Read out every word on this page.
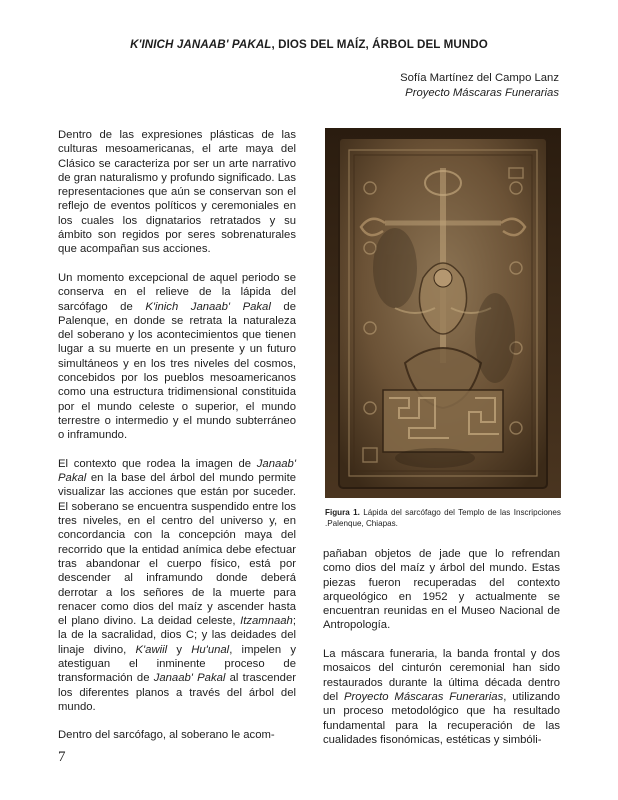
K'INICH JANAAB' PAKAL, DIOS DEL MAÍZ, ÁRBOL DEL MUNDO
Sofía Martínez del Campo Lanz
Proyecto Máscaras Funerarias

Dentro de las expresiones plásticas de las culturas mesoamericanas, el arte maya del Clásico se caracteriza por ser un arte narrativo de gran naturalismo y profundo significado. Las representaciones que aún se conservan son el reflejo de eventos políticos y ceremoniales en los cuales los dignatarios retratados y su ámbito son regidos por seres sobrenaturales que acompañan sus acciones.

Un momento excepcional de aquel periodo se conserva en el relieve de la lápida del sarcófago de K'inich Janaab' Pakal de Palenque, en donde se retrata la naturaleza del soberano y los acontecimientos que tienen lugar a su muerte en un presente y un futuro simultáneos y en los tres niveles del cosmos, concebidos por los pueblos mesoamericanos como una estructura tridimensional constituida por el mundo celeste o superior, el mundo terrestre o intermedio y el mundo subterráneo o inframundo.

El contexto que rodea la imagen de Janaab' Pakal en la base del árbol del mundo permite visualizar las acciones que están por suceder. El soberano se encuentra suspendido entre los tres niveles, en el centro del universo y, en concordancia con la concepción maya del recorrido que la entidad anímica debe efectuar tras abandonar el cuerpo físico, está por descender al inframundo donde deberá derrotar a los señores de la muerte para renacer como dios del maíz y ascender hasta el plano divino. La deidad celeste, Itzamnaah; la de la sacralidad, dios C; y las deidades del linaje divino, K'awiil y Hu'unal, impelen y atestiguan el inminente proceso de transformación de Janaab' Pakal al trascender los diferentes planos a través del árbol del mundo.

Dentro del sarcófago, al soberano le acom-

Figura 1. Lápida del sarcófago del Templo de las Inscripciones .Palenque, Chiapas.

pañaban objetos de jade que lo refrendan como dios del maíz y árbol del mundo. Estas piezas fueron recuperadas del contexto arqueológico en 1952 y actualmente se encuentran reunidas en el Museo Nacional de Antropología.

La máscara funeraria, la banda frontal y dos mosaicos del cinturón ceremonial han sido restaurados durante la última década dentro del Proyecto Máscaras Funerarias, utilizando un proceso metodológico que ha resultado fundamental para la recuperación de las cualidades fisonómicas, estéticas y simbóli-

7
